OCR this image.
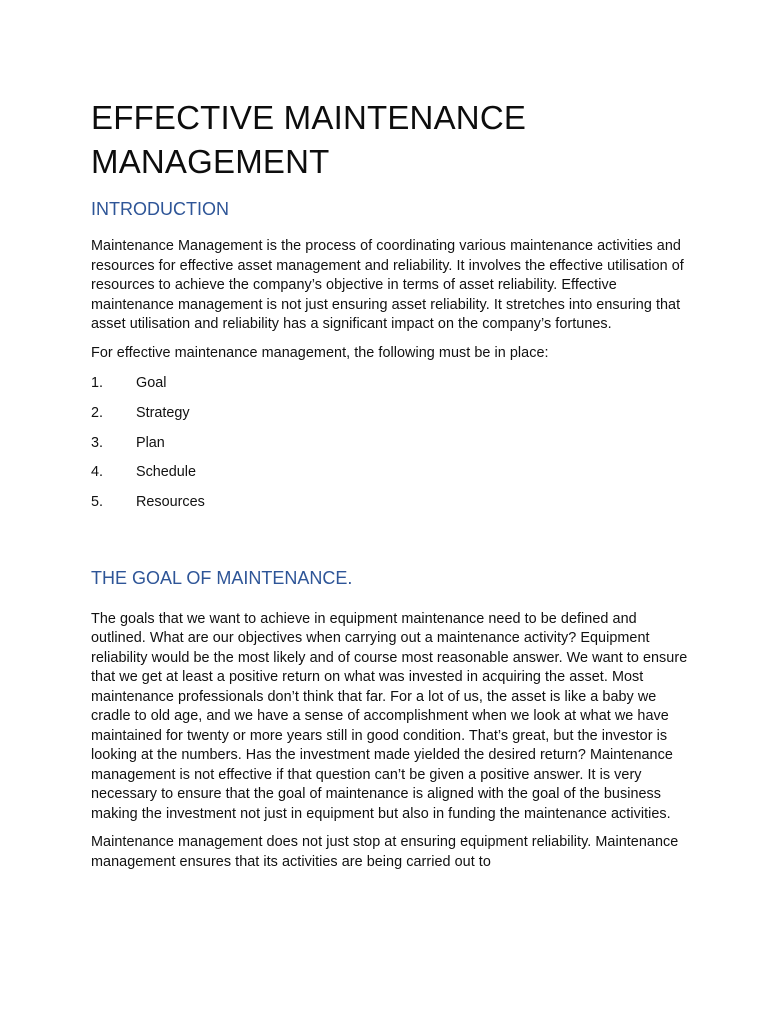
EFFECTIVE MAINTENANCE
MANAGEMENT
INTRODUCTION

Maintenance Management is the process of coordinating various maintenance activities and resources for effective asset management and reliability. It involves the effective utilisation of resources to achieve the company’s objective in terms of asset reliability. Effective maintenance management is not just ensuring asset reliability. It stretches into ensuring that asset utilisation and reliability has a significant impact on the company’s fortunes.

For effective maintenance management, the following must be in place:

1.	Goal
2.	Strategy
3.	Plan
4.	Schedule
5.	Resources
THE GOAL OF MAINTENANCE.

The goals that we want to achieve in equipment maintenance need to be defined and outlined. What are our objectives when carrying out a maintenance activity? Equipment reliability would be the most likely and of course most reasonable answer. We want to ensure that we get at least a positive return on what was invested in acquiring the asset. Most maintenance professionals don’t think that far. For a lot of us, the asset is like a baby we cradle to old age, and we have a sense of accomplishment when we look at what we have maintained for twenty or more years still in good condition. That’s great, but the investor is looking at the numbers. Has the investment made yielded the desired return? Maintenance management is not effective if that question can’t be given a positive answer. It is very necessary to ensure that the goal of maintenance is aligned with the goal of the business making the investment not just in equipment but also in funding the maintenance activities.

Maintenance management does not just stop at ensuring equipment reliability. Maintenance management ensures that its activities are being carried out to
